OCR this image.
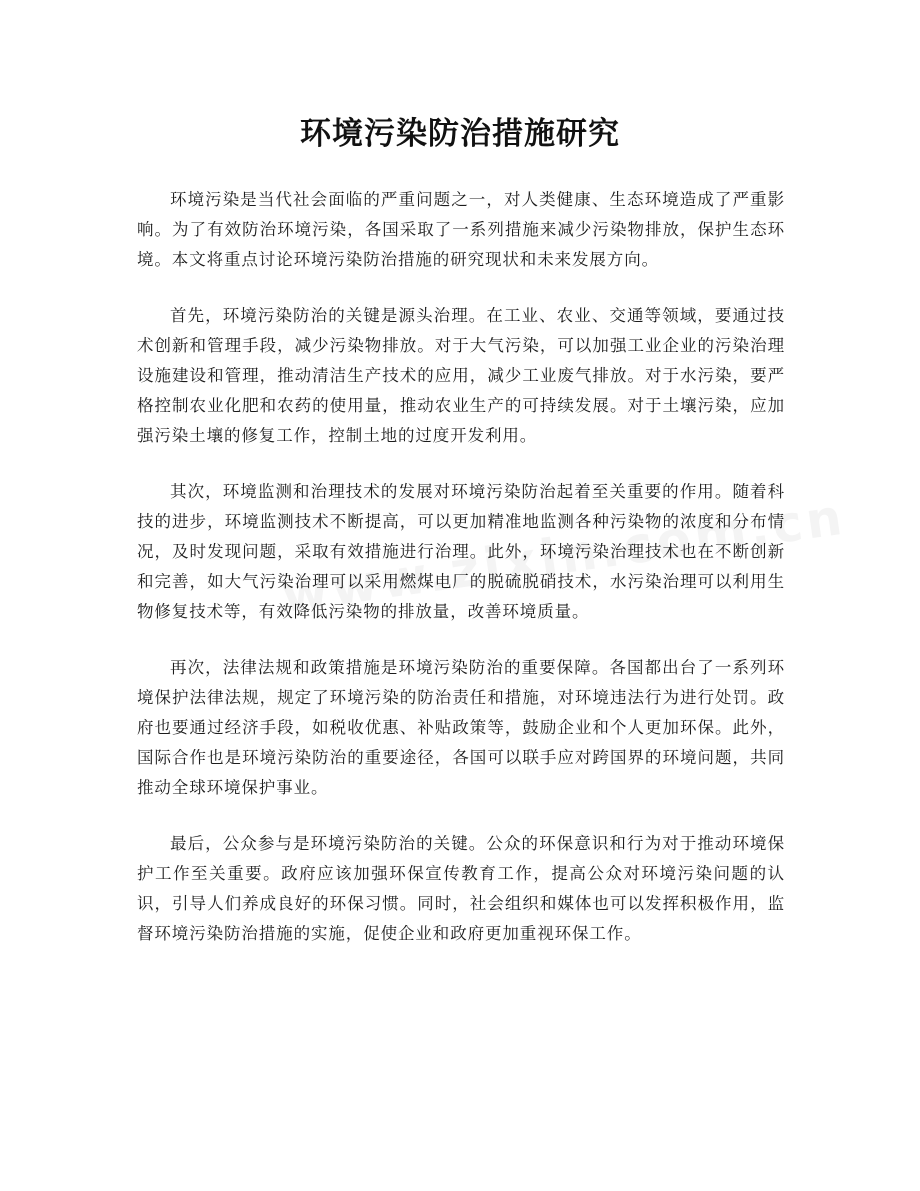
环境污染防治措施研究

环境污染是当代社会面临的严重问题之一，对人类健康、生态环境造成了严重影响。为了有效防治环境污染，各国采取了一系列措施来减少污染物排放，保护生态环境。本文将重点讨论环境污染防治措施的研究现状和未来发展方向。

首先，环境污染防治的关键是源头治理。在工业、农业、交通等领域，要通过技术创新和管理手段，减少污染物排放。对于大气污染，可以加强工业企业的污染治理设施建设和管理，推动清洁生产技术的应用，减少工业废气排放。对于水污染，要严格控制农业化肥和农药的使用量，推动农业生产的可持续发展。对于土壤污染，应加强污染土壤的修复工作，控制土地的过度开发利用。

其次，环境监测和治理技术的发展对环境污染防治起着至关重要的作用。随着科技的进步，环境监测技术不断提高，可以更加精准地监测各种污染物的浓度和分布情况，及时发现问题，采取有效措施进行治理。此外，环境污染治理技术也在不断创新和完善，如大气污染治理可以采用燃煤电厂的脱硫脱硝技术，水污染治理可以利用生物修复技术等，有效降低污染物的排放量，改善环境质量。

再次，法律法规和政策措施是环境污染防治的重要保障。各国都出台了一系列环境保护法律法规，规定了环境污染的防治责任和措施，对环境违法行为进行处罚。政府也要通过经济手段，如税收优惠、补贴政策等，鼓励企业和个人更加环保。此外，国际合作也是环境污染防治的重要途径，各国可以联手应对跨国界的环境问题，共同推动全球环境保护事业。

最后，公众参与是环境污染防治的关键。公众的环保意识和行为对于推动环境保护工作至关重要。政府应该加强环保宣传教育工作，提高公众对环境污染问题的认识，引导人们养成良好的环保习惯。同时，社会组织和媒体也可以发挥积极作用，监督环境污染防治措施的实施，促使企业和政府更加重视环保工作。
